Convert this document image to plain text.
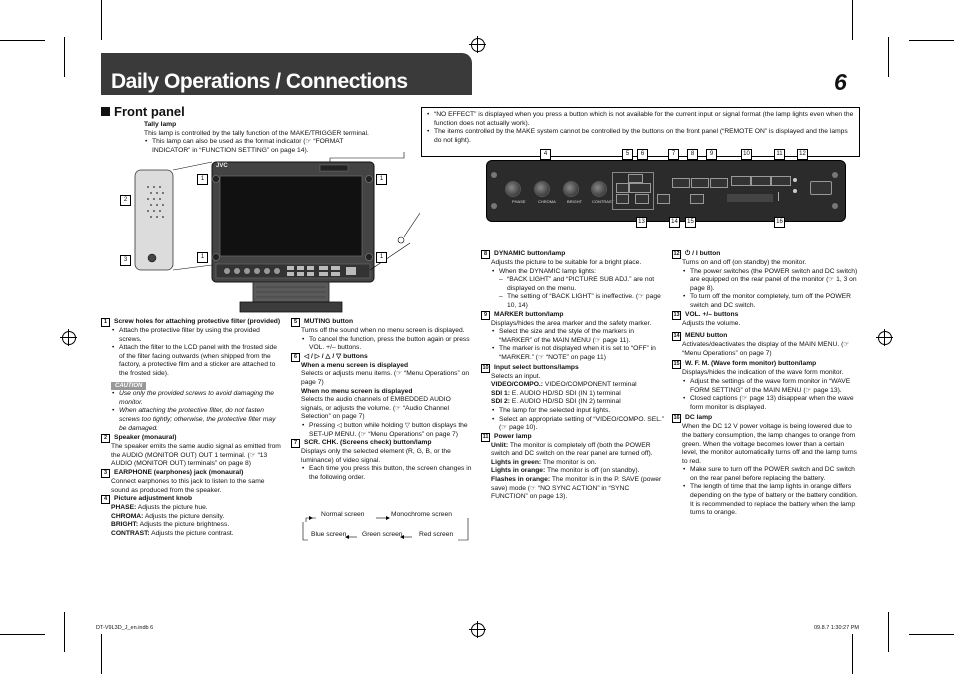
Daily Operations / Connections	6
Front panel
Tally lamp
This lamp is controlled by the tally function of the MAKE/TRIGGER terminal.
• This lamp can also be used as the format indicator (☞ “FORMAT INDICATOR” in “FUNCTION SETTING” on page 14).
• “NO EFFECT” is displayed when you press a button which is not available for the current input or signal format (the lamp lights even when the function does not actually work).
• The items controlled by the MAKE system cannot be controlled by the buttons on the front panel (“REMOTE ON” is displayed and the lamps do not light).
JVC
1	1
1	1
2
3
PHASE	CHROMA	BRIGHT CONTRAST
4	5	6	7	8	9	10	11	12
13	14	15	16
1 Screw holes for attaching protective filter (provided)
• Attach the protective filter by using the provided screws.
• Attach the filter to the LCD panel with the frosted side of the filter facing outwards (when shipped from the factory, a protective film and a sticker are attached to the frosted side).
CAUTION
• Use only the provided screws to avoid damaging the monitor.
• When attaching the protective filter, do not fasten screws too tightly; otherwise, the protective filter may be damaged.
2 Speaker (monaural)
The speaker emits the same audio signal as emitted from the AUDIO (MONITOR OUT) OUT 1 terminal. (☞ “13 AUDIO (MONITOR OUT) terminals” on page 8)
3 EARPHONE (earphones) jack (monaural)
Connect earphones to this jack to listen to the same sound as produced from the speaker.
4 Picture adjustment knob
PHASE: Adjusts the picture hue.
CHROMA: Adjusts the picture density.
BRIGHT: Adjusts the picture brightness.
CONTRAST: Adjusts the picture contrast.
5 MUTING button
Turns off the sound when no menu screen is displayed.
• To cancel the function, press the button again or press VOL. +/– buttons.
6 ◁ / ▷ / △ / ▽ buttons
When a menu screen is displayed
Selects or adjusts menu items. (☞ “Menu Operations” on page 7)
When no menu screen is displayed
Selects the audio channels of EMBEDDED AUDIO signals, or adjusts the volume. (☞ “Audio Channel Selection” on page 7)
• Pressing ◁ button while holding ▽ button displays the SET-UP MENU. (☞ “Menu Operations” on page 7)
7 SCR. CHK. (Screens check) button/lamp
Displays only the selected element (R, G, B, or the luminance) of video signal.
• Each time you press this button, the screen changes in the following order.
Normal screen	Monochrome screen
Blue screen Green screen Red screen
8 DYNAMIC button/lamp
Adjusts the picture to be suitable for a bright place.
• When the DYNAMIC lamp lights:
– “BACK LIGHT” and “PICTURE SUB ADJ.” are not displayed on the menu.
– The setting of “BACK LIGHT” is ineffective. (☞ page 10, 14)
9 MARKER button/lamp
Displays/hides the area marker and the safety marker.
• Select the size and the style of the markers in “MARKER” of the MAIN MENU (☞ page 11).
• The marker is not displayed when it is set to “OFF” in “MARKER.” (☞ “NOTE” on page 11)
10 Input select buttons/lamps
Selects an input.
VIDEO/COMPO.: VIDEO/COMPONENT terminal
SDI 1: E. AUDIO HD/SD SDI (IN 1) terminal
SDI 2: E. AUDIO HD/SD SDI (IN 2) terminal
• The lamp for the selected input lights.
• Select an appropriate setting of “VIDEO/COMPO. SEL.” (☞ page 10).
11 Power lamp
Unlit: The monitor is completely off (both the POWER switch and DC switch on the rear panel are turned off).
Lights in green: The monitor is on.
Lights in orange: The monitor is off (on standby).
Flashes in orange: The monitor is in the P. SAVE (power save) mode (☞ “NO SYNC ACTION” in “SYNC FUNCTION” on page 13).
12 ⏻ / I button
Turns on and off (on standby) the monitor.
• The power switches (the POWER switch and DC switch) are equipped on the rear panel of the monitor (☞ 1, 3 on page 8).
• To turn off the monitor completely, turn off the POWER switch and DC switch.
13 VOL. +/– buttons
Adjusts the volume.
14 MENU button
Activates/deactivates the display of the MAIN MENU. (☞ “Menu Operations” on page 7)
15 W. F. M. (Wave form monitor) button/lamp
Displays/hides the indication of the wave form monitor.
• Adjust the settings of the wave form monitor in “WAVE FORM SETTING” of the MAIN MENU (☞ page 13).
• Closed captions (☞ page 13) disappear when the wave form monitor is displayed.
16 DC lamp
When the DC 12 V power voltage is being lowered due to the battery consumption, the lamp changes to orange from green. When the voltage becomes lower than a certain level, the monitor automatically turns off and the lamp turns to red.
• Make sure to turn off the POWER switch and DC switch on the rear panel before replacing the battery.
• The length of time that the lamp lights in orange differs depending on the type of battery or the battery condition. It is recommended to replace the battery when the lamp turns to orange.
DT-V9L3D_J_en.indb 6	09.8.7 1:30:27 PM
